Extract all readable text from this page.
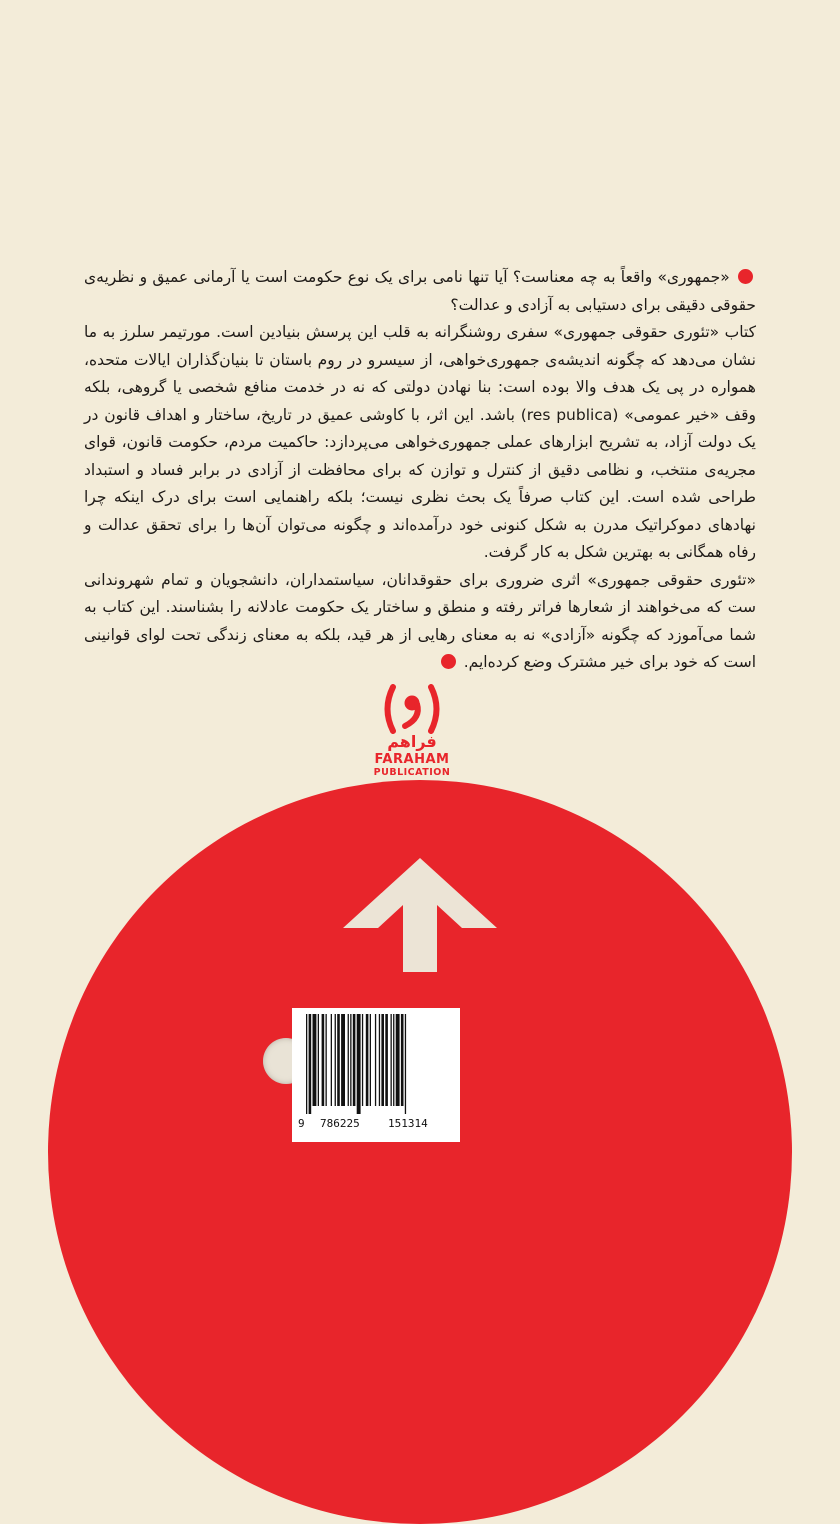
«جمهوری» واقعاً به چه معناست؟ آیا تنها نامی برای یک نوع حکومت است یا آرمانی عمیق و نظریه‌ی حقوقی دقیقی برای دستیابی به آزادی و عدالت؟

کتاب «تئوری حقوقی جمهوری» سفری روشنگرانه به قلب این پرسش بنیادین است. مورتیمر سلرز به ما نشان می‌دهد که چگونه اندیشه‌ی جمهوری‌خواهی، از سیسرو در روم باستان تا بنیان‌گذاران ایالات متحده، همواره در پی یک هدف والا بوده است: بنا نهادن دولتی که نه در خدمت منافع شخصی یا گروهی، بلکه وقف «خیر عمومی» (res publica) باشد. این اثر، با کاوشی عمیق در تاریخ، ساختار و اهداف قانون در یک دولت آزاد، به تشریح ابزارهای عملی جمهوری‌خواهی می‌پردازد: حاکمیت مردم، حکومت قانون، قوای مجریه‌ی منتخب، و نظامی دقیق از کنترل و توازن که برای محافظت از آزادی در برابر فساد و استبداد طراحی شده است. این کتاب صرفاً یک بحث نظری نیست؛ بلکه راهنمایی است برای درک اینکه چرا نهادهای دموکراتیک مدرن به شکل کنونی خود درآمده‌اند و چگونه می‌توان آن‌ها را برای تحقق عدالت و رفاه همگانی به بهترین شکل به کار گرفت.

«تئوری حقوقی جمهوری» اثری ضروری برای حقوقدانان، سیاستمداران، دانشجویان و تمام شهروندانی ست که می‌خواهند از شعارها فراتر رفته و منطق و ساختار یک حکومت عادلانه را بشناسند. این کتاب به شما می‌آموزد که چگونه «آزادی» نه به معنای رهایی از هر قید، بلکه به معنای زندگی تحت لوای قوانینی است که خود برای خیر مشترک وضع کرده‌ایم.

فراهم
FARAHAM
PUBLICATION
9 786225	151314
